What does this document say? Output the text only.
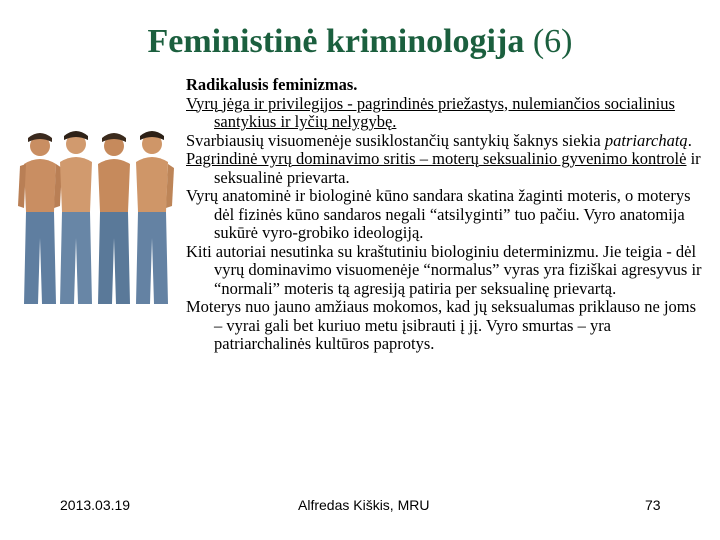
Feministinė kriminologija (6)

Radikalusis feminizmas.

Vyrų jėga ir privilegijos - pagrindinės priežastys, nulemiančios socialinius santykius ir lyčių nelygybę.

Svarbiausių visuomenėje susiklostančių santykių šaknys siekia patriarchatą.

Pagrindinė vyrų dominavimo sritis – moterų seksualinio gyvenimo kontrolė ir seksualinė prievarta.

Vyrų anatominė ir biologinė kūno sandara skatina žaginti moteris, o moterys dėl fizinės kūno sandaros negali “atsilyginti” tuo pačiu. Vyro anatomija sukūrė vyro-grobiko ideologiją.

Kiti autoriai nesutinka su kraštutiniu biologiniu determinizmu. Jie teigia - dėl vyrų dominavimo visuomenėje “normalus” vyras yra fiziškai agresyvus ir “normali” moteris tą agresiją patiria per seksualinę prievartą.

Moterys nuo jauno amžiaus mokomos, kad jų seksualumas priklauso ne joms – vyrai gali bet kuriuo metu įsibrauti į jį. Vyro smurtas – yra patriarchalinės kultūros paprotys.

2013.03.19	Alfredas Kiškis, MRU	73
